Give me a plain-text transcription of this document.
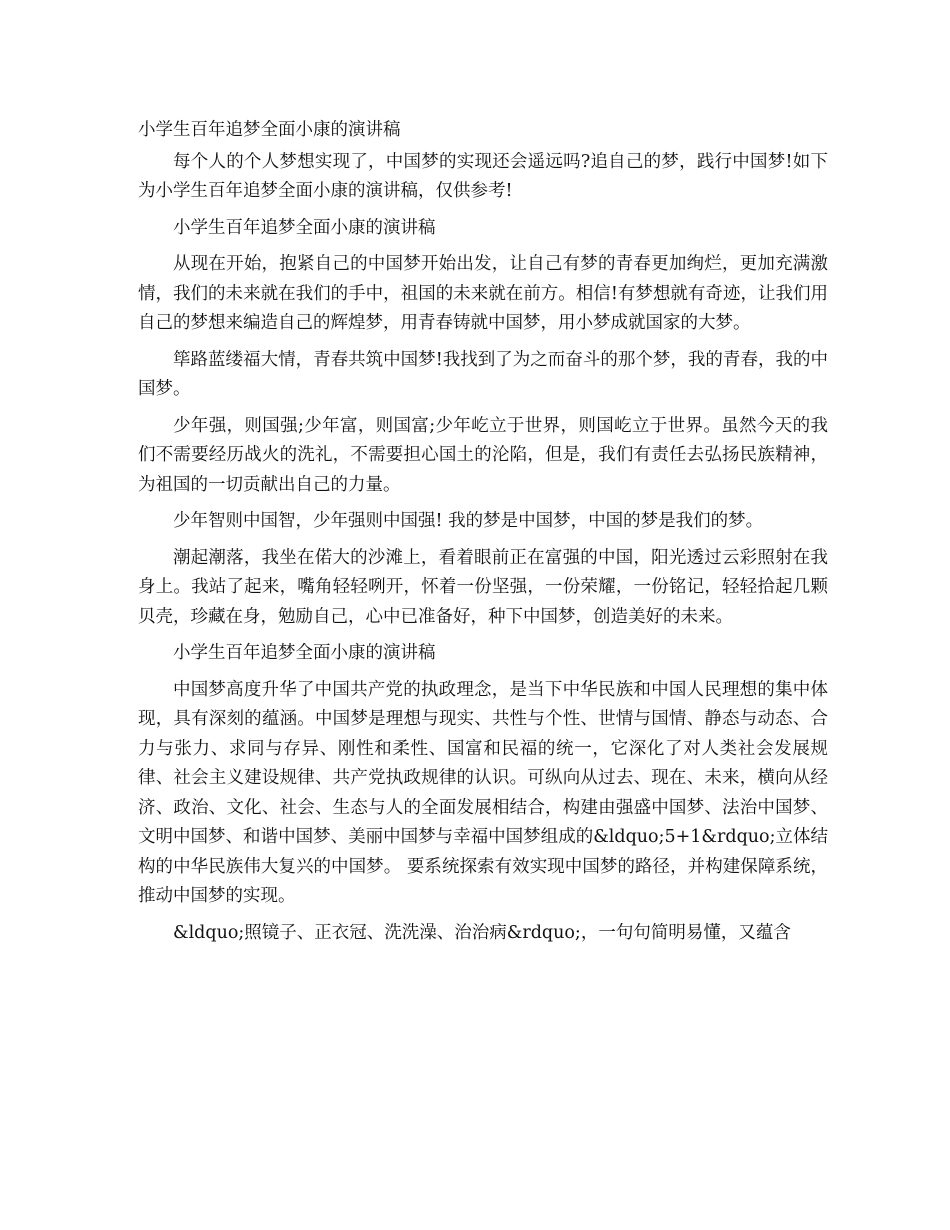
小学生百年追梦全面小康的演讲稿

每个人的个人梦想实现了，中国梦的实现还会遥远吗?追自己的梦，践行中国梦!如下为小学生百年追梦全面小康的演讲稿，仅供参考!

小学生百年追梦全面小康的演讲稿

从现在开始，抱紧自己的中国梦开始出发，让自己有梦的青春更加绚烂，更加充满激情，我们的未来就在我们的手中，祖国的未来就在前方。相信!有梦想就有奇迹，让我们用自己的梦想来编造自己的辉煌梦，用青春铸就中国梦，用小梦成就国家的大梦。

筚路蓝缕福大情，青春共筑中国梦!我找到了为之而奋斗的那个梦，我的青春，我的中国梦。

少年强，则国强;少年富，则国富;少年屹立于世界，则国屹立于世界。虽然今天的我们不需要经历战火的洗礼，不需要担心国土的沦陷，但是，我们有责任去弘扬民族精神，为祖国的一切贡献出自己的力量。

少年智则中国智，少年强则中国强! 我的梦是中国梦，中国的梦是我们的梦。

潮起潮落，我坐在偌大的沙滩上，看着眼前正在富强的中国，阳光透过云彩照射在我身上。我站了起来，嘴角轻轻咧开，怀着一份坚强，一份荣耀，一份铭记，轻轻拾起几颗贝壳，珍藏在身，勉励自己，心中已准备好，种下中国梦，创造美好的未来。

小学生百年追梦全面小康的演讲稿

中国梦高度升华了中国共产党的执政理念，是当下中华民族和中国人民理想的集中体现，具有深刻的蕴涵。中国梦是理想与现实、共性与个性、世情与国情、静态与动态、合力与张力、求同与存异、刚性和柔性、国富和民福的统一，它深化了对人类社会发展规律、社会主义建设规律、共产党执政规律的认识。可纵向从过去、现在、未来，横向从经济、政治、文化、社会、生态与人的全面发展相结合，构建由强盛中国梦、法治中国梦、文明中国梦、和谐中国梦、美丽中国梦与幸福中国梦组成的&ldquo;5+1&rdquo;立体结构的中华民族伟大复兴的中国梦。 要系统探索有效实现中国梦的路径，并构建保障系统，推动中国梦的实现。

&ldquo;照镜子、正衣冠、洗洗澡、治治病&rdquo;，一句句简明易懂，又蕴含
